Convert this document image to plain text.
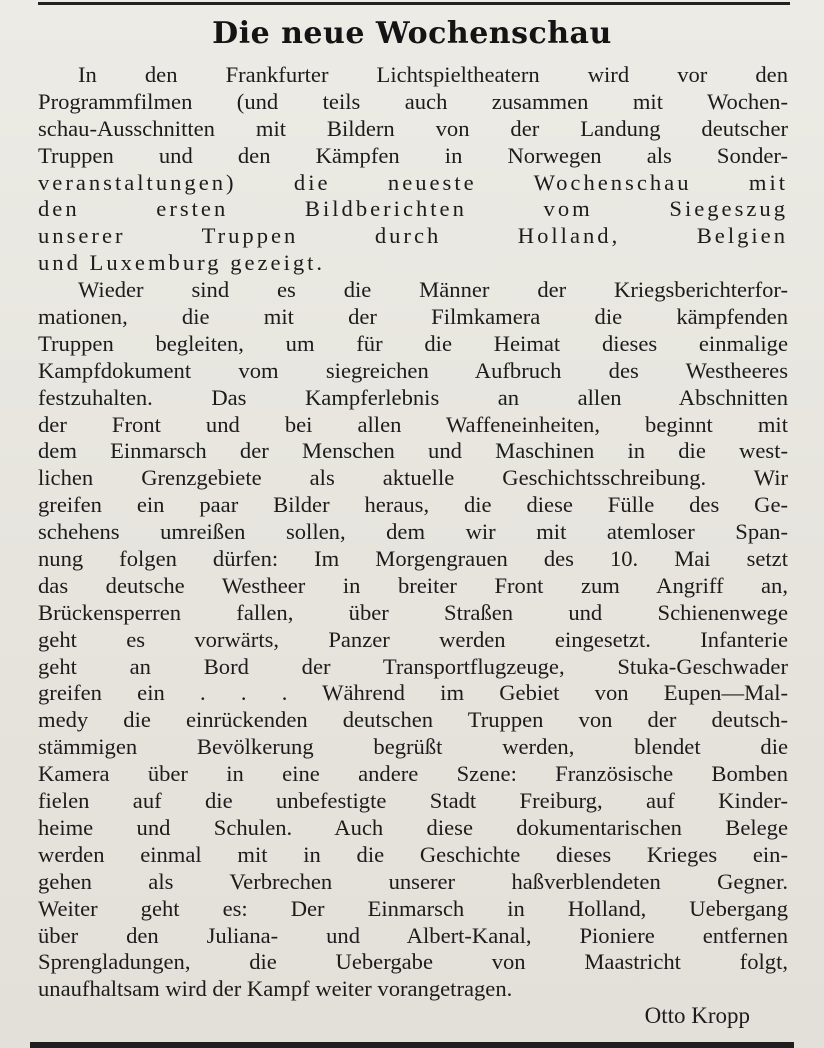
Die neue Wochenschau

In den Frankfurter Lichtspieltheatern wird vor den

Programmfilmen (und teils auch zusammen mit Wochen-

schau-Ausschnitten mit Bildern von der Landung deutscher

Truppen und den Kämpfen in Norwegen als Sonder-

veranstaltungen) die neueste Wochenschau mit

den ersten Bildberichten vom Siegeszug

unserer Truppen durch Holland, Belgien

und Luxemburg gezeigt.

Wieder sind es die Männer der Kriegsberichterfor-

mationen, die mit der Filmkamera die kämpfenden

Truppen begleiten, um für die Heimat dieses einmalige

Kampfdokument vom siegreichen Aufbruch des Westheeres

festzuhalten. Das Kampferlebnis an allen Abschnitten

der Front und bei allen Waffeneinheiten, beginnt mit

dem Einmarsch der Menschen und Maschinen in die west-

lichen Grenzgebiete als aktuelle Geschichtsschreibung. Wir

greifen ein paar Bilder heraus, die diese Fülle des Ge-

schehens umreißen sollen, dem wir mit atemloser Span-

nung folgen dürfen: Im Morgengrauen des 10. Mai setzt

das deutsche Westheer in breiter Front zum Angriff an,

Brückensperren fallen, über Straßen und Schienenwege

geht es vorwärts, Panzer werden eingesetzt. Infanterie

geht an Bord der Transportflugzeuge, Stuka-Geschwader

greifen ein . . . Während im Gebiet von Eupen—Mal-

medy die einrückenden deutschen Truppen von der deutsch-

stämmigen Bevölkerung begrüßt werden, blendet die

Kamera über in eine andere Szene: Französische Bomben

fielen auf die unbefestigte Stadt Freiburg, auf Kinder-

heime und Schulen. Auch diese dokumentarischen Belege

werden einmal mit in die Geschichte dieses Krieges ein-

gehen als Verbrechen unserer haßverblendeten Gegner.

Weiter geht es: Der Einmarsch in Holland, Uebergang

über den Juliana- und Albert-Kanal, Pioniere entfernen

Sprengladungen, die Uebergabe von Maastricht folgt,

unaufhaltsam wird der Kampf weiter vorangetragen.

Otto Kropp
